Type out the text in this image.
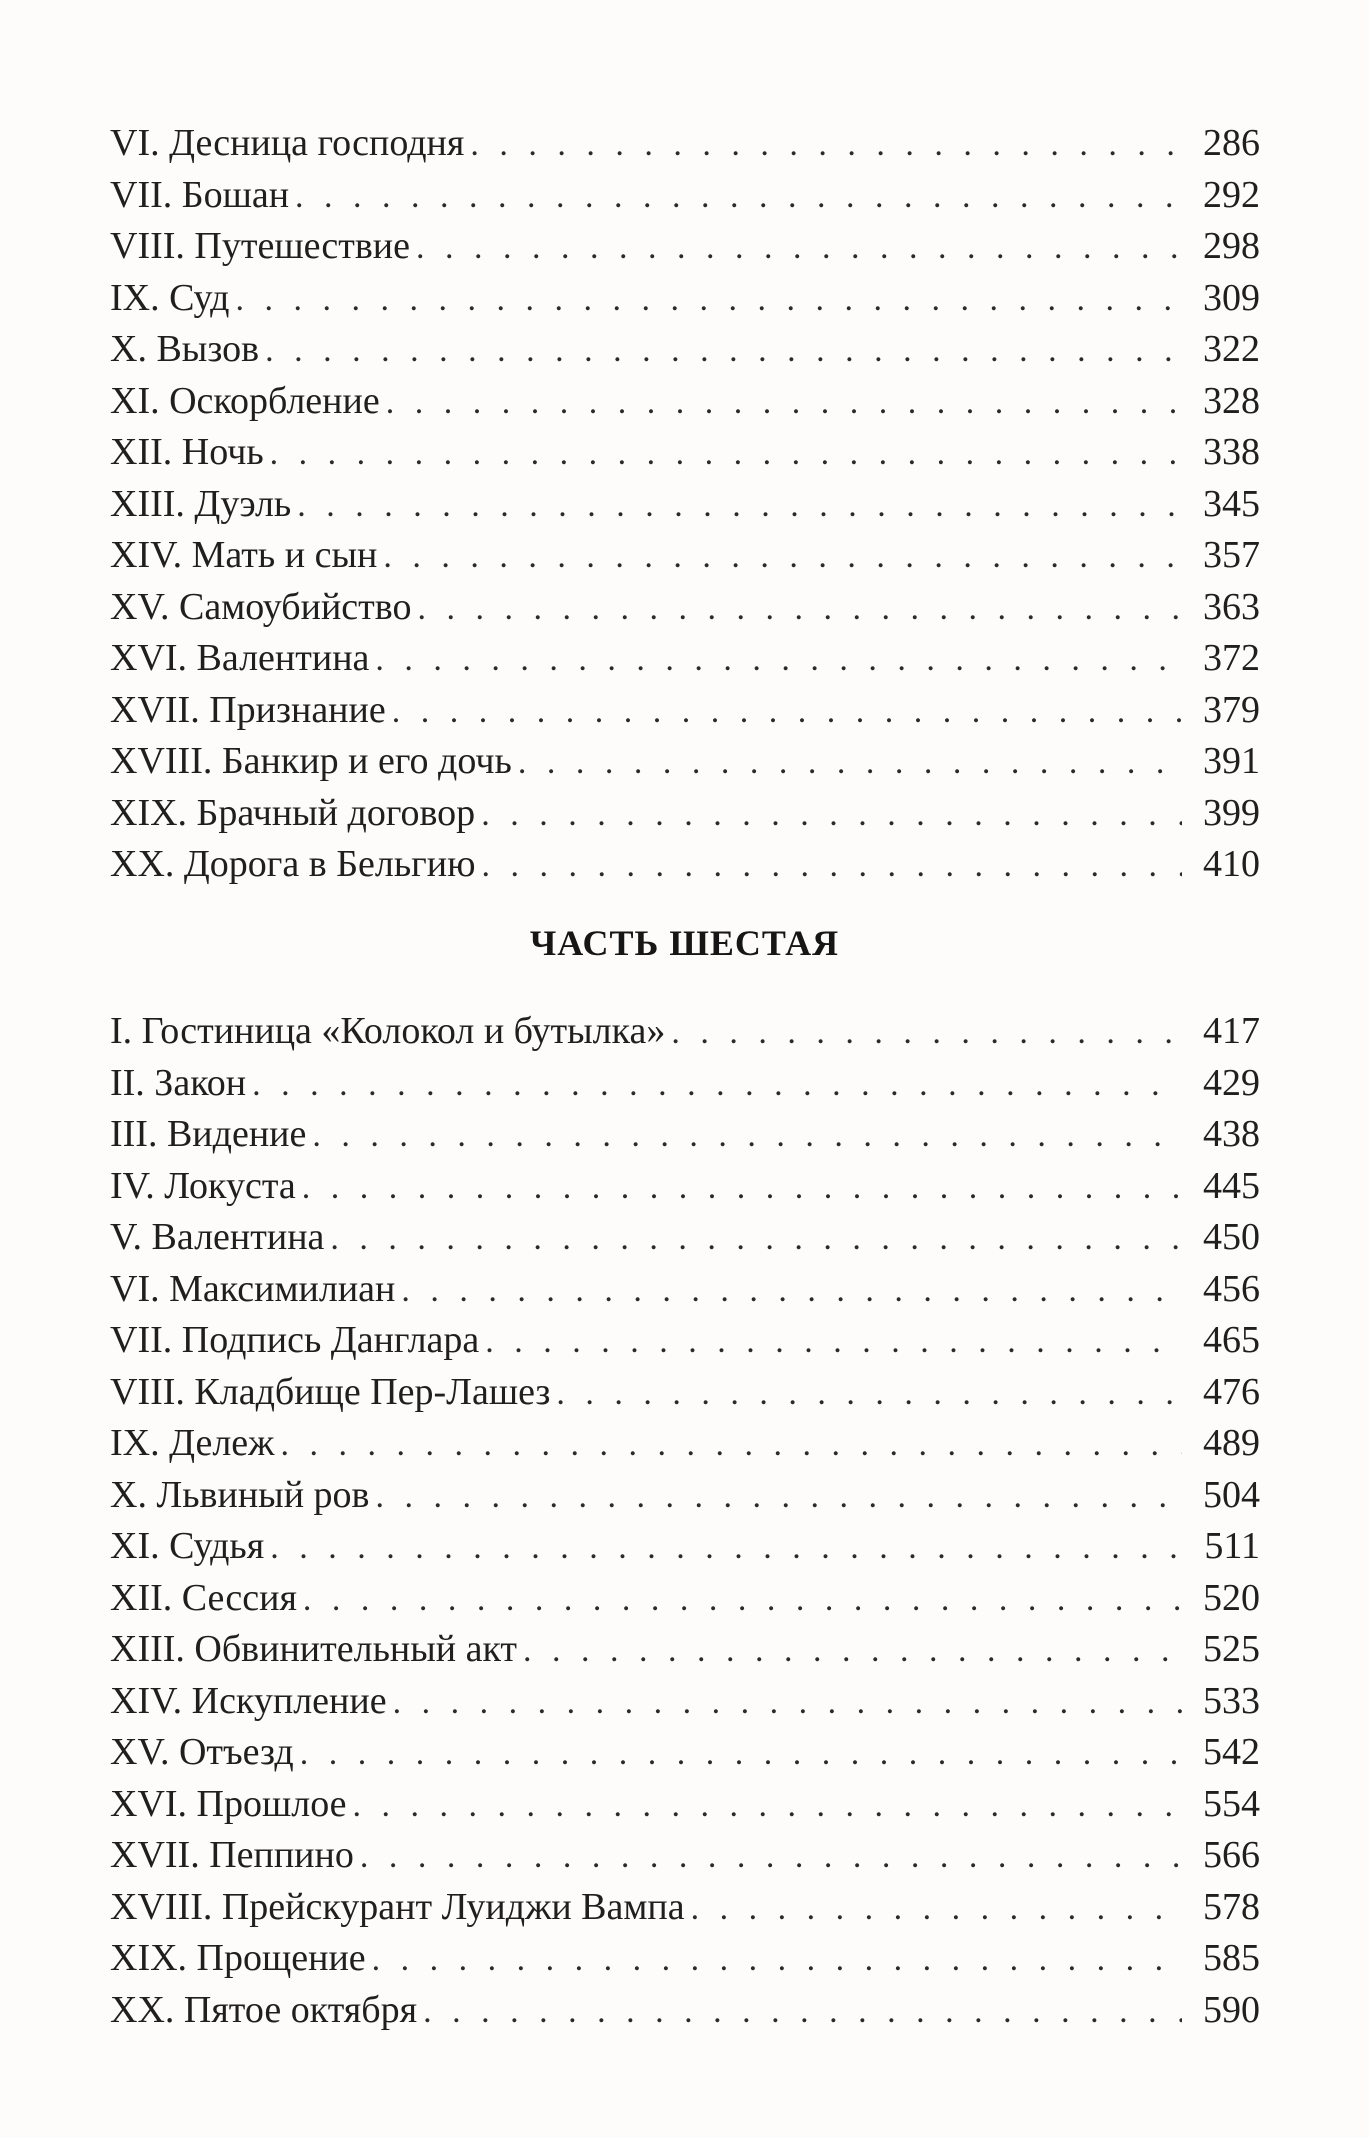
VI. Десница господня . . .	286
VII. Бошан . . .	292
VIII. Путешествие . . .	298
IX. Суд . . .	309
X. Вызов . . .	322
XI. Оскорбление . . .	328
XII. Ночь . . .	338
XIII. Дуэль . . .	345
XIV. Мать и сын . . .	357
XV. Самоубийство . . .	363
XVI. Валентина . . .	372
XVII. Признание . . .	379
XVIII. Банкир и его дочь . . .	391
XIX. Брачный договор . . .	399
XX. Дорога в Бельгию . . .	410
ЧАСТЬ ШЕСТАЯ
I. Гостиница «Колокол и бутылка» . . .	417
II. Закон . . .	429
III. Видение . . .	438
IV. Локуста . . .	445
V. Валентина . . .	450
VI. Максимилиан . . .	456
VII. Подпись Данглара . . .	465
VIII. Кладбище Пер-Лашез . . .	476
IX. Дележ . . .	489
X. Львиный ров . . .	504
XI. Судья . . .	511
XII. Сессия . . .	520
XIII. Обвинительный акт . . .	525
XIV. Искупление . . .	533
XV. Отъезд . . .	542
XVI. Прошлое . . .	554
XVII. Пеппино . . .	566
XVIII. Прейскурант Луиджи Вампа . . .	578
XIX. Прощение . . .	585
XX. Пятое октября . . .	590
